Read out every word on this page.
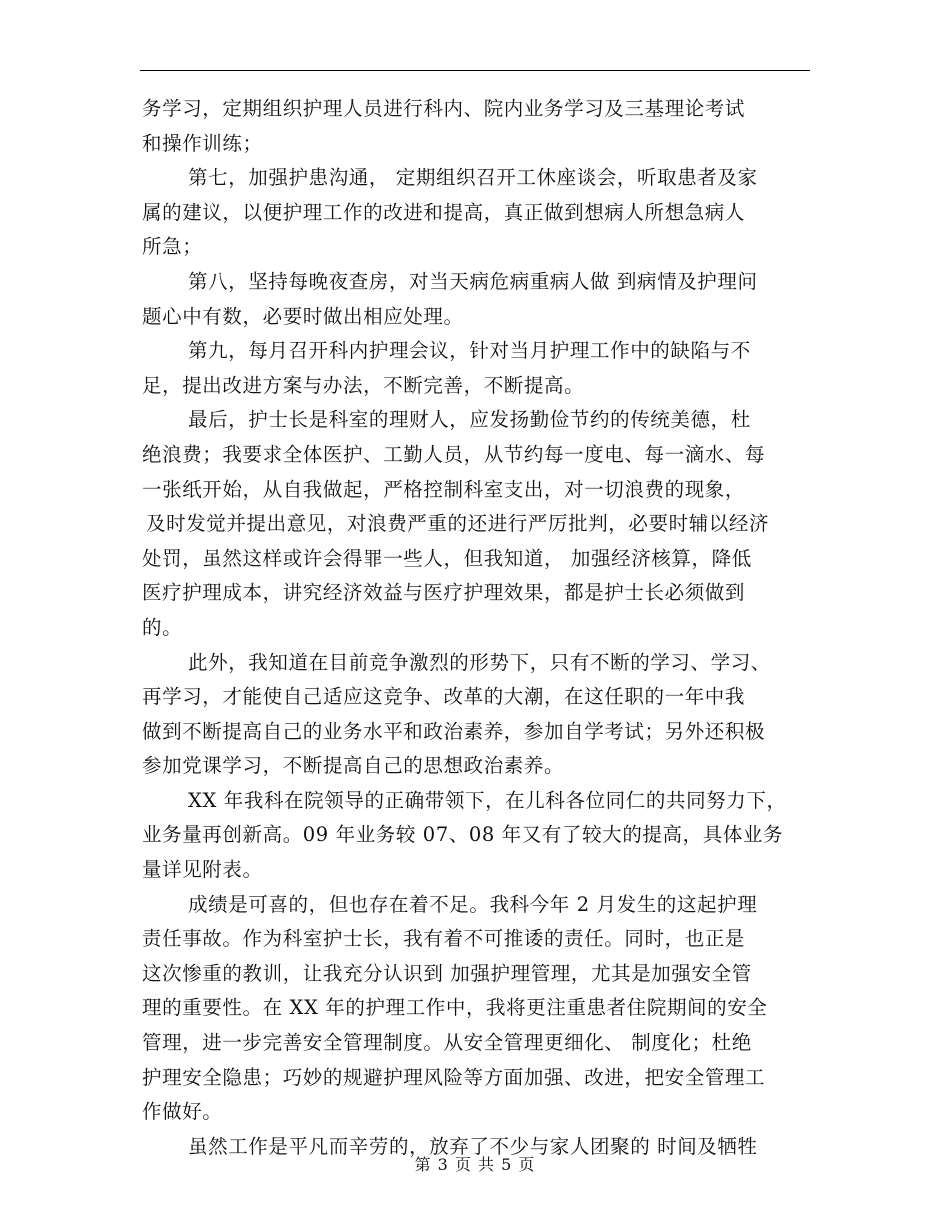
务学习，定期组织护理人员进行科内、院内业务学习及三基理论考试
和操作训练；
第七，加强护患沟通， 定期组织召开工休座谈会，听取患者及家
属的建议，以便护理工作的改进和提高，真正做到想病人所想急病人
所急；
第八，坚持每晚夜查房，对当天病危病重病人做 到病情及护理问
题心中有数，必要时做出相应处理。
第九，每月召开科内护理会议，针对当月护理工作中的缺陷与不
足，提出改进方案与办法，不断完善，不断提高。
最后，护士长是科室的理财人，应发扬勤俭节约的传统美德，杜
绝浪费；我要求全体医护、工勤人员，从节约每一度电、每一滴水、每
一张纸开始，从自我做起，严格控制科室支出，对一切浪费的现象，
及时发觉并提出意见，对浪费严重的还进行严厉批判，必要时辅以经济
处罚，虽然这样或许会得罪一些人，但我知道， 加强经济核算，降低
医疗护理成本，讲究经济效益与医疗护理效果，都是护士长必须做到
的。
此外，我知道在目前竞争激烈的形势下，只有不断的学习、学习、
再学习，才能使自己适应这竞争、改革的大潮，在这任职的一年中我
做到不断提高自己的业务水平和政治素养，参加自学考试；另外还积极
参加党课学习，不断提高自己的思想政治素养。
XX 年我科在院领导的正确带领下，在儿科各位同仁的共同努力下，
业务量再创新高。09 年业务较 07、08 年又有了较大的提高，具体业务
量详见附表。
成绩是可喜的，但也存在着不足。我科今年 2 月发生的这起护理
责任事故。作为科室护士长，我有着不可推诿的责任。同时，也正是
这次惨重的教训，让我充分认识到 加强护理管理，尤其是加强安全管
理的重要性。在 XX 年的护理工作中，我将更注重患者住院期间的安全
管理，进一步完善安全管理制度。从安全管理更细化、 制度化；杜绝
护理安全隐患；巧妙的规避护理风险等方面加强、改进，把安全管理工
作做好。
虽然工作是平凡而辛劳的，放弃了不少与家人团聚的 时间及牺牲
第 3 页 共 5 页
